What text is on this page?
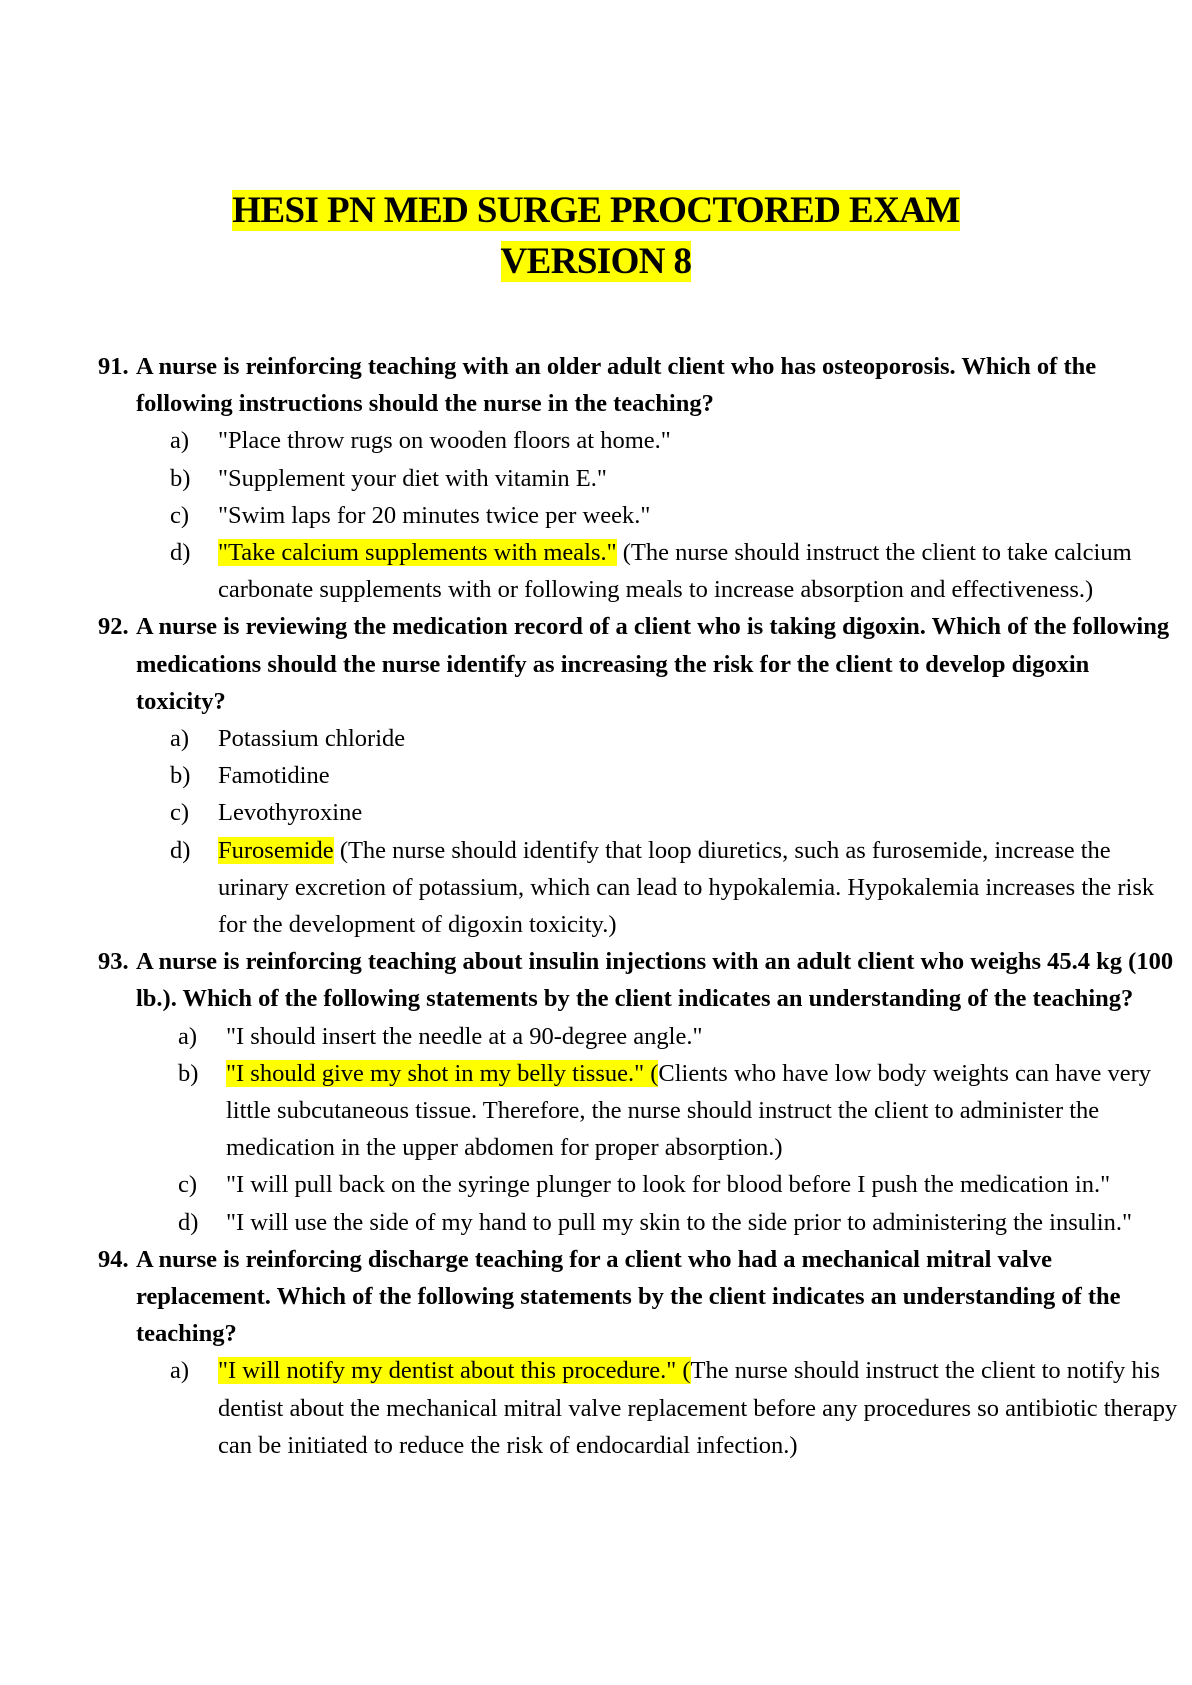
HESI PN MED SURGE PROCTORED EXAM
VERSION 8
91. A nurse is reinforcing teaching with an older adult client who has osteoporosis. Which of the following instructions should the nurse in the teaching?
a) "Place throw rugs on wooden floors at home."
b) "Supplement your diet with vitamin E."
c) "Swim laps for 20 minutes twice per week."
d) "Take calcium supplements with meals." (The nurse should instruct the client to take calcium carbonate supplements with or following meals to increase absorption and effectiveness.)
92. A nurse is reviewing the medication record of a client who is taking digoxin. Which of the following medications should the nurse identify as increasing the risk for the client to develop digoxin toxicity?
a) Potassium chloride
b) Famotidine
c) Levothyroxine
d) Furosemide (The nurse should identify that loop diuretics, such as furosemide, increase the urinary excretion of potassium, which can lead to hypokalemia. Hypokalemia increases the risk for the development of digoxin toxicity.)
93. A nurse is reinforcing teaching about insulin injections with an adult client who weighs 45.4 kg (100 lb.). Which of the following statements by the client indicates an understanding of the teaching?
a) "I should insert the needle at a 90-degree angle."
b) "I should give my shot in my belly tissue." (Clients who have low body weights can have very little subcutaneous tissue. Therefore, the nurse should instruct the client to administer the medication in the upper abdomen for proper absorption.)
c) "I will pull back on the syringe plunger to look for blood before I push the medication in."
d) "I will use the side of my hand to pull my skin to the side prior to administering the insulin."
94. A nurse is reinforcing discharge teaching for a client who had a mechanical mitral valve replacement. Which of the following statements by the client indicates an understanding of the teaching?
a) "I will notify my dentist about this procedure." (The nurse should instruct the client to notify his dentist about the mechanical mitral valve replacement before any procedures so antibiotic therapy can be initiated to reduce the risk of endocardial infection.)
